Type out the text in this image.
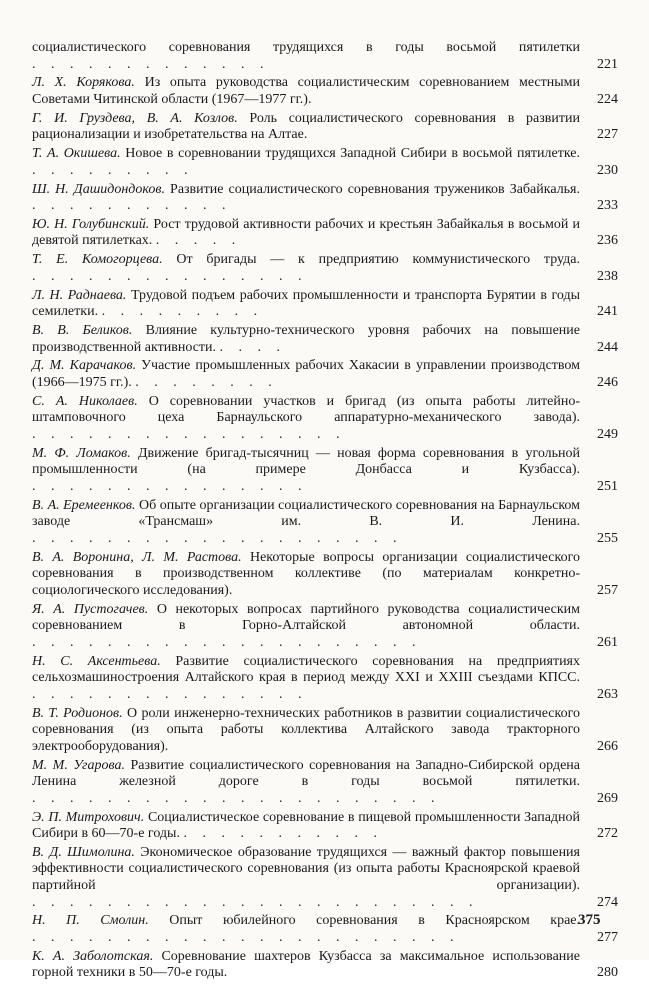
социалистического соревнования трудящихся в годы восьмой пятилетки . . . . . . . . . . . . .	221
Л. Х. Корякова. Из опыта руководства социалистическим соревнованием местными Советами Читинской области (1967—1977 гг.).	224
Г. И. Груздева, В. А. Козлов. Роль социалистического соревнования в развитии рационализации и изобретательства на Алтае.	227
Т. А. Окишева. Новое в соревновании трудящихся Западной Сибири в восьмой пятилетке. . . . . . . . . .	230
Ш. Н. Дашидондоков. Развитие социалистического соревнования тружеников Забайкалья. . . . . . . . . . . .	233
Ю. Н. Голубинский. Рост трудовой активности рабочих и крестьян Забайкалья в восьмой и девятой пятилетках. . . . . .	236
Т. Е. Комогорцева. От бригады — к предприятию коммунистического труда. . . . . . . . . . . . . . . .	238
Л. Н. Раднаева. Трудовой подъем рабочих промышленности и транспорта Бурятии в годы семилетки. . . . . . . . . .	241
В. В. Беликов. Влияние культурно-технического уровня рабочих на повышение производственной активности. . . . .	244
Д. М. Карачаков. Участие промышленных рабочих Хакасии в управлении производством (1966—1975 гг.). . . . . . . . .	246
С. А. Николаев. О соревновании участков и бригад (из опыта работы литейно-штамповочного цеха Барнаульского аппаратурно-механического завода). . . . . . . . . . . . . . . . . .	249
М. Ф. Ломаков. Движение бригад-тысячниц — новая форма соревнования в угольной промышленности (на примере Донбасса и Кузбасса). . . . . . . . . . . . . . . .	251
В. А. Еремеенков. Об опыте организации социалистического соревнования на Барнаульском заводе «Трансмаш» им. В. И. Ленина. . . . . . . . . . . . . . . . . . . . .	255
В. А. Воронина, Л. М. Растова. Некоторые вопросы организации социалистического соревнования в производственном коллективе (по материалам конкретно-социологического исследования).	257
Я. А. Пустогачев. О некоторых вопросах партийного руководства социалистическим соревнованием в Горно-Алтайской автономной области. . . . . . . . . . . . . . . . . . . . . .	261
Н. С. Аксентьева. Развитие социалистического соревнования на предприятиях сельхозмашиностроения Алтайского края в период между XXI и XXIII съездами КПСС. . . . . . . . . . . . . . . .	263
В. Т. Родионов. О роли инженерно-технических работников в развитии социалистического соревнования (из опыта работы коллектива Алтайского завода тракторного электрооборудования).	266
М. М. Угарова. Развитие социалистического соревнования на Западно-Сибирской ордена Ленина железной дороге в годы восьмой пятилетки. . . . . . . . . . . . . . . . . . . . . . .	269
Э. П. Митрохович. Социалистическое соревнование в пищевой промышленности Западной Сибири в 60—70-е годы. . . . . . . . . . . .	272
В. Д. Шимолина. Экономическое образование трудящихся — важный фактор повышения эффективности социалистического соревнования (из опыта работы Красноярской краевой партийной организации). . . . . . . . . . . . . . . . . . . . . . . . .	274
Н. П. Смолин. Опыт юбилейного соревнования в Красноярском крае. . . . . . . . . . . . . . . . . . . . . . . .	277
К. А. Заболотская. Соревнование шахтеров Кузбасса за максимальное использование горной техники в 50—70-е годы.	280
375
